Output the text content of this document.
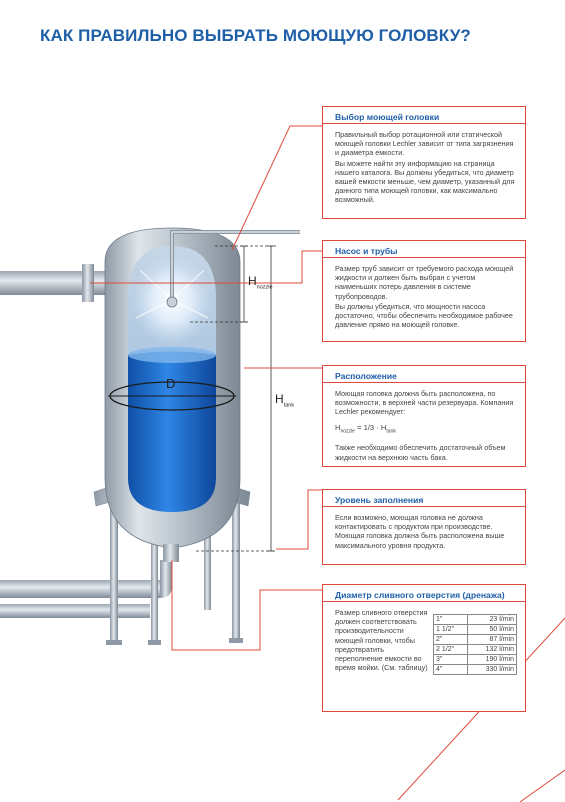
КАК ПРАВИЛЬНО ВЫБРАТЬ МОЮЩУЮ ГОЛОВКУ?
$H_{nozzle}$
$H_{tank}$
D
Выбор моющей головки

Правильный выбор ротационной или статической моющей головки Lechler зависит от типа загрязнения и диаметра емкости.

Вы можете найти эту информацию на страница нашего каталога. Вы должны убедиться, что диаметр вашей емкости меньше, чем диаметр, указанный для данного типа моющей головки, как максимально возможный.

Насос и трубы

Размер труб зависит от требуемого расхода моющей жидкости и должен быть выбран с учетом наименьших потерь давления в системе трубопроводов.

Вы должны убедиться, что мощности насоса достаточно, чтобы обеспечить необходимое рабочее давление прямо на моющей головке.

Расположение

Моющая головка должна быть расположена, по возможности, в верхней части резервуара. Компания Lechler рекомендует:

$H_{nozzle} = 1/3 \cdot H_{tank}$

Также необходимо обеспечить достаточный объем жидкости на верхнюю часть бака.

Уровень заполнения

Если возможно, моющая головка не должна контактировать с продуктом при производстве. Моющая головка должна быть расположена выше максимального уровня продукта.

Диаметр сливного отверстия (дренажа)
Размер сливного отверстия должен соответствовать производительности моющей головки, чтобы предотвратить переполнение емкости во время мойки. (См. таблицу)
1"	23 l/min
1 1/2"	50 l/min
2"	87 l/min
2 1/2"	132 l/min
3"	190 l/min
4"	330 l/min
